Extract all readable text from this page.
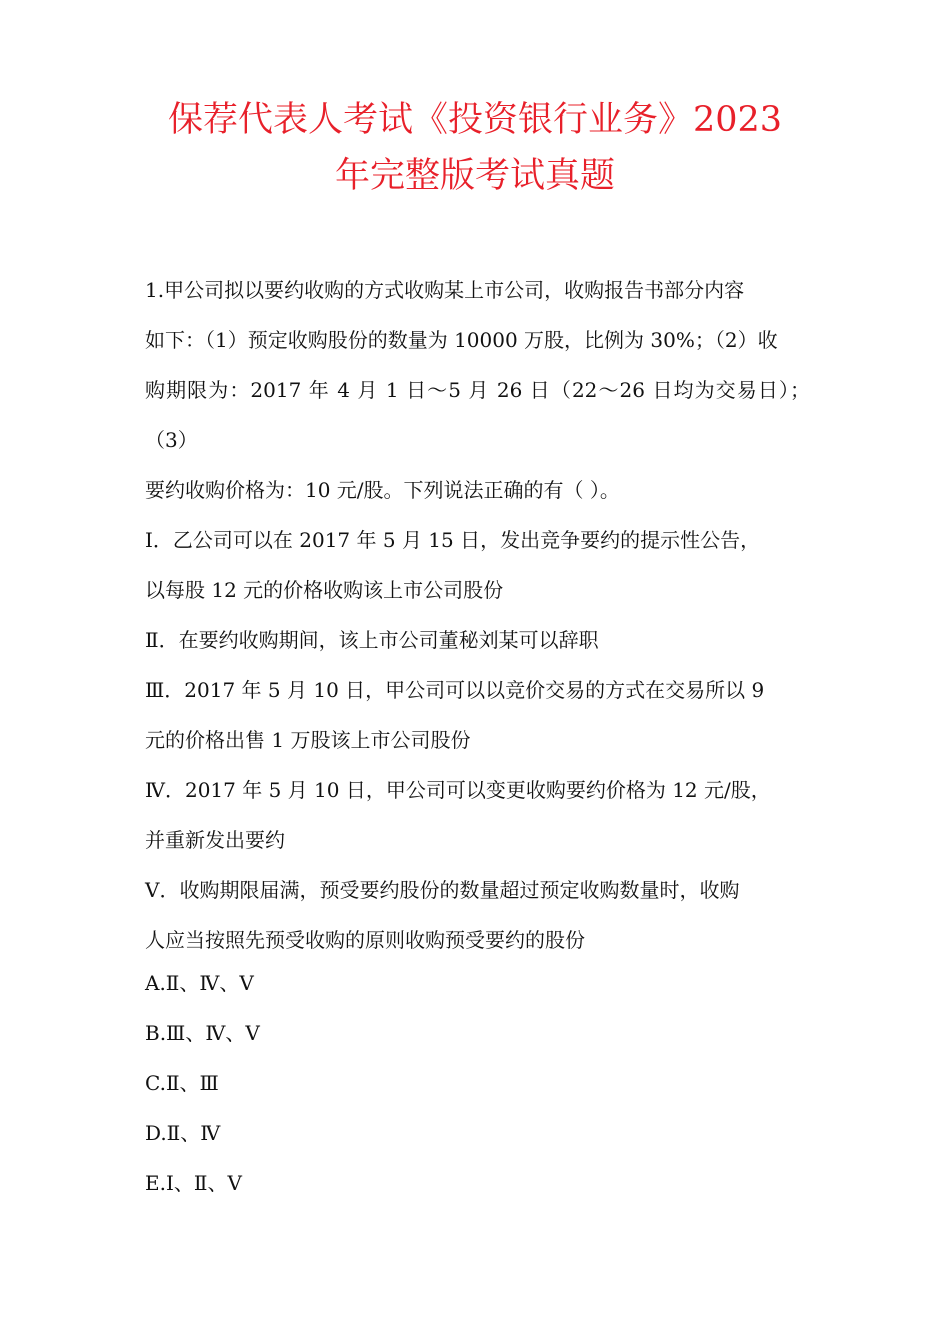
保荐代表人考试《投资银行业务》2023
年完整版考试真题

1.甲公司拟以要约收购的方式收购某上市公司，收购报告书部分内容

如下：（1）预定收购股份的数量为 10000 万股，比例为 30%；（2）收

购期限为：2017 年 4 月 1 日～5 月 26 日（22～26 日均为交易日）；（3）

要约收购价格为：10 元/股。下列说法正确的有（ ）。

Ⅰ．乙公司可以在 2017 年 5 月 15 日，发出竞争要约的提示性公告，

以每股 12 元的价格收购该上市公司股份

Ⅱ．在要约收购期间，该上市公司董秘刘某可以辞职

Ⅲ．2017 年 5 月 10 日，甲公司可以以竞价交易的方式在交易所以 9

元的价格出售 1 万股该上市公司股份

Ⅳ．2017 年 5 月 10 日，甲公司可以变更收购要约价格为 12 元/股，

并重新发出要约

Ⅴ．收购期限届满，预受要约股份的数量超过预定收购数量时，收购

人应当按照先预受收购的原则收购预受要约的股份

A.Ⅱ、Ⅳ、Ⅴ

B.Ⅲ、Ⅳ、Ⅴ

C.Ⅱ、Ⅲ

D.Ⅱ、Ⅳ

E.Ⅰ、Ⅱ、Ⅴ
